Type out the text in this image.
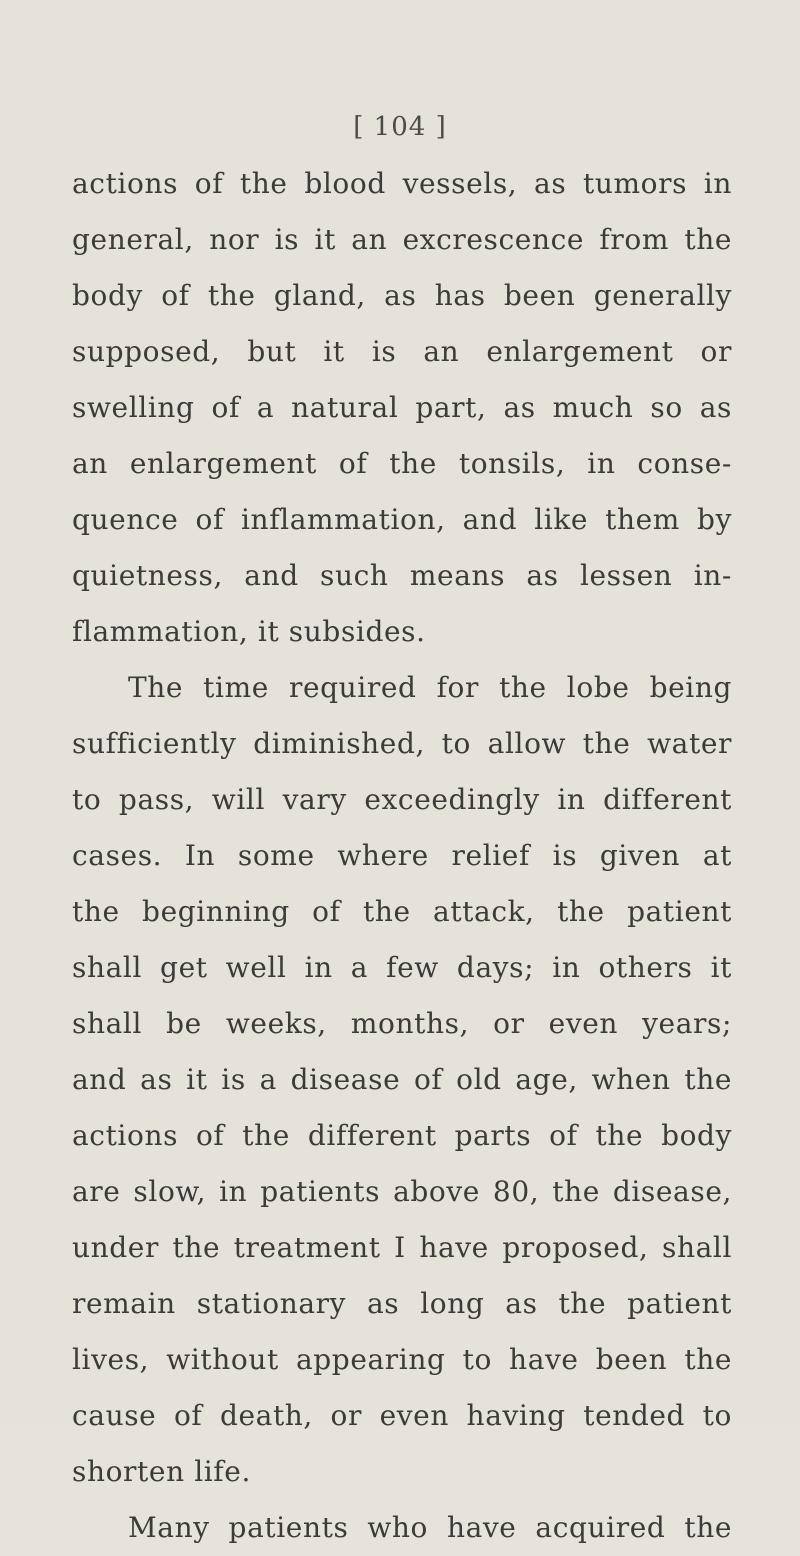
[ 104 ]
actions of the blood vessels, as tumors in
general, nor is it an excrescence from the
body of the gland, as has been generally
supposed, but it is an enlargement or
swelling of a natural part, as much so as
an enlargement of the tonsils, in conse-
quence of inflammation, and like them by
quietness, and such means as lessen in-
flammation, it subsides.
The time required for the lobe being
sufficiently diminished, to allow the water
to pass, will vary exceedingly in different
cases. In some where relief is given at
the beginning of the attack, the patient
shall get well in a few days; in others it
shall be weeks, months, or even years;
and as it is a disease of old age, when the
actions of the different parts of the body
are slow, in patients above 80, the disease,
under the treatment I have proposed, shall
remain stationary as long as the patient
lives, without appearing to have been the
cause of death, or even having tended to
shorten life.
Many patients who have acquired the
